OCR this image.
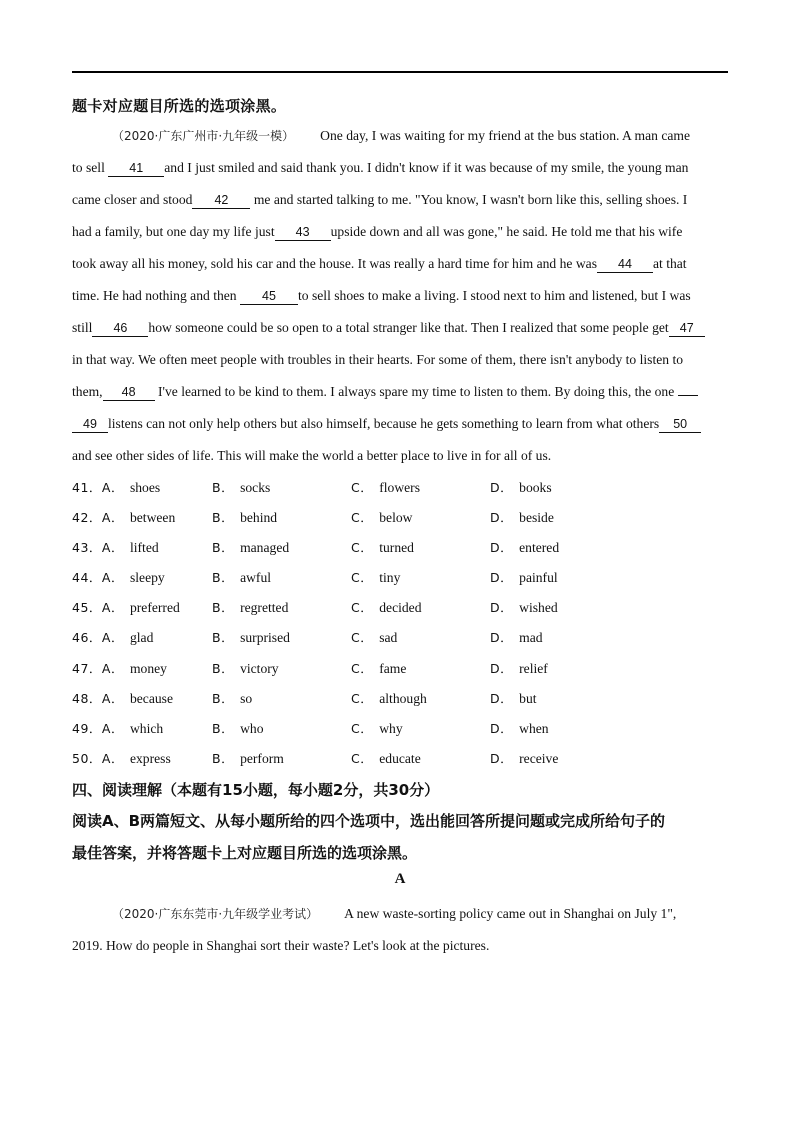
题卡对应题目所选的选项涂黑。
（2020·广东广州市·九年级一模） One day, I was waiting for my friend at the bus station. A man came
to sell 41 and I just smiled and said thank you. I didn't know if it was because of my smile, the young man
came closer and stood 42 me and started talking to me. "You know, I wasn't born like this, selling shoes. I
had a family, but one day my life just 43 upside down and all was gone," he said. He told me that his wife
took away all his money, sold his car and the house. It was really a hard time for him and he was 44 at that
time. He had nothing and then 45 to sell shoes to make a living. I stood next to him and listened, but I was
still 46 how someone could be so open to a total stranger like that. Then I realized that some people get 47
in that way. We often meet people with troubles in their hearts. For some of them, there isn't anybody to listen to
them, 48 I've learned to be kind to them. I always spare my time to listen to them. By doing this, the one
49 listens can not only help others but also himself, because he gets something to learn from what others 50
and see other sides of life. This will make the world a better place to live in for all of us.
41．A． shoes	B． socks	C． flowers	D． books
42．A． between	B． behind	C． below	D． beside
43．A． lifted	B． managed	C． turned	D． entered
44．A． sleepy	B． awful	C． tiny	D． painful
45．A． preferred	B． regretted	C． decided	D． wished
46．A． glad	B． surprised	C． sad	D． mad
47．A． money	B． victory	C． fame	D． relief
48．A． because	B． so	C． although	D． but
49．A． which	B． who	C． why	D． when
50．A． express	B． perform	C． educate	D． receive
四、阅读理解（本题有15小题，每小题2分，共30分）
阅读A、B两篇短文、从每小题所给的四个选项中，选出能回答所提问题或完成所给句子的
最佳答案，并将答题卡上对应题目所选的选项涂黑。
A
（2020·广东东莞市·九年级学业考试） A new waste-sorting policy came out in Shanghai on July 1",
2019. How do people in Shanghai sort their waste? Let's look at the pictures.
